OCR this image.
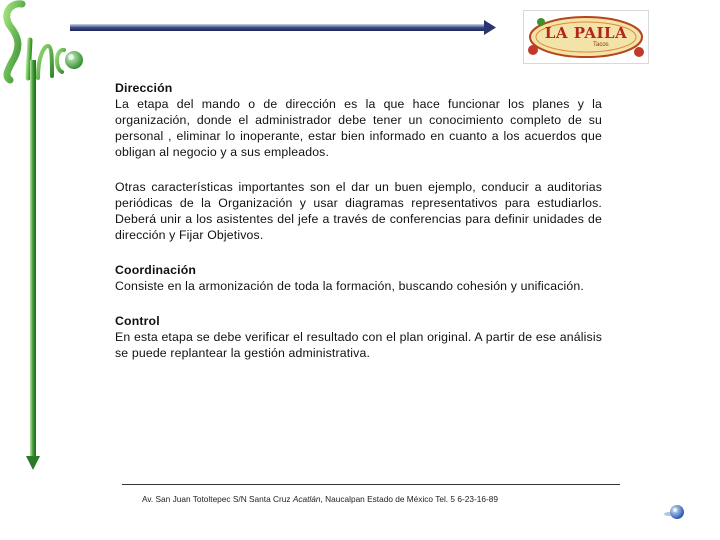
LA PAILA
Tacos
Dirección
La etapa del mando o de dirección es la que hace funcionar los planes y la organización, donde el administrador debe tener un conocimiento completo de su personal , eliminar lo inoperante, estar bien informado en cuanto a los acuerdos que obligan al negocio y a sus empleados.
Otras características importantes son el dar un buen ejemplo, conducir a auditorias periódicas de la Organización y usar diagramas representativos para estudiarlos. Deberá unir a los asistentes del jefe a través de conferencias para definir unidades de dirección y Fijar Objetivos.
Coordinación
Consiste en la armonización de toda la formación, buscando cohesión y unificación.
Control
En esta etapa se debe verificar el resultado con el plan original. A partir de ese análisis se puede replantear la gestión administrativa.
Av. San Juan Totoltepec S/N Santa Cruz Acatlán, Naucalpan Estado de México Tel. 5 6-23-16-89
